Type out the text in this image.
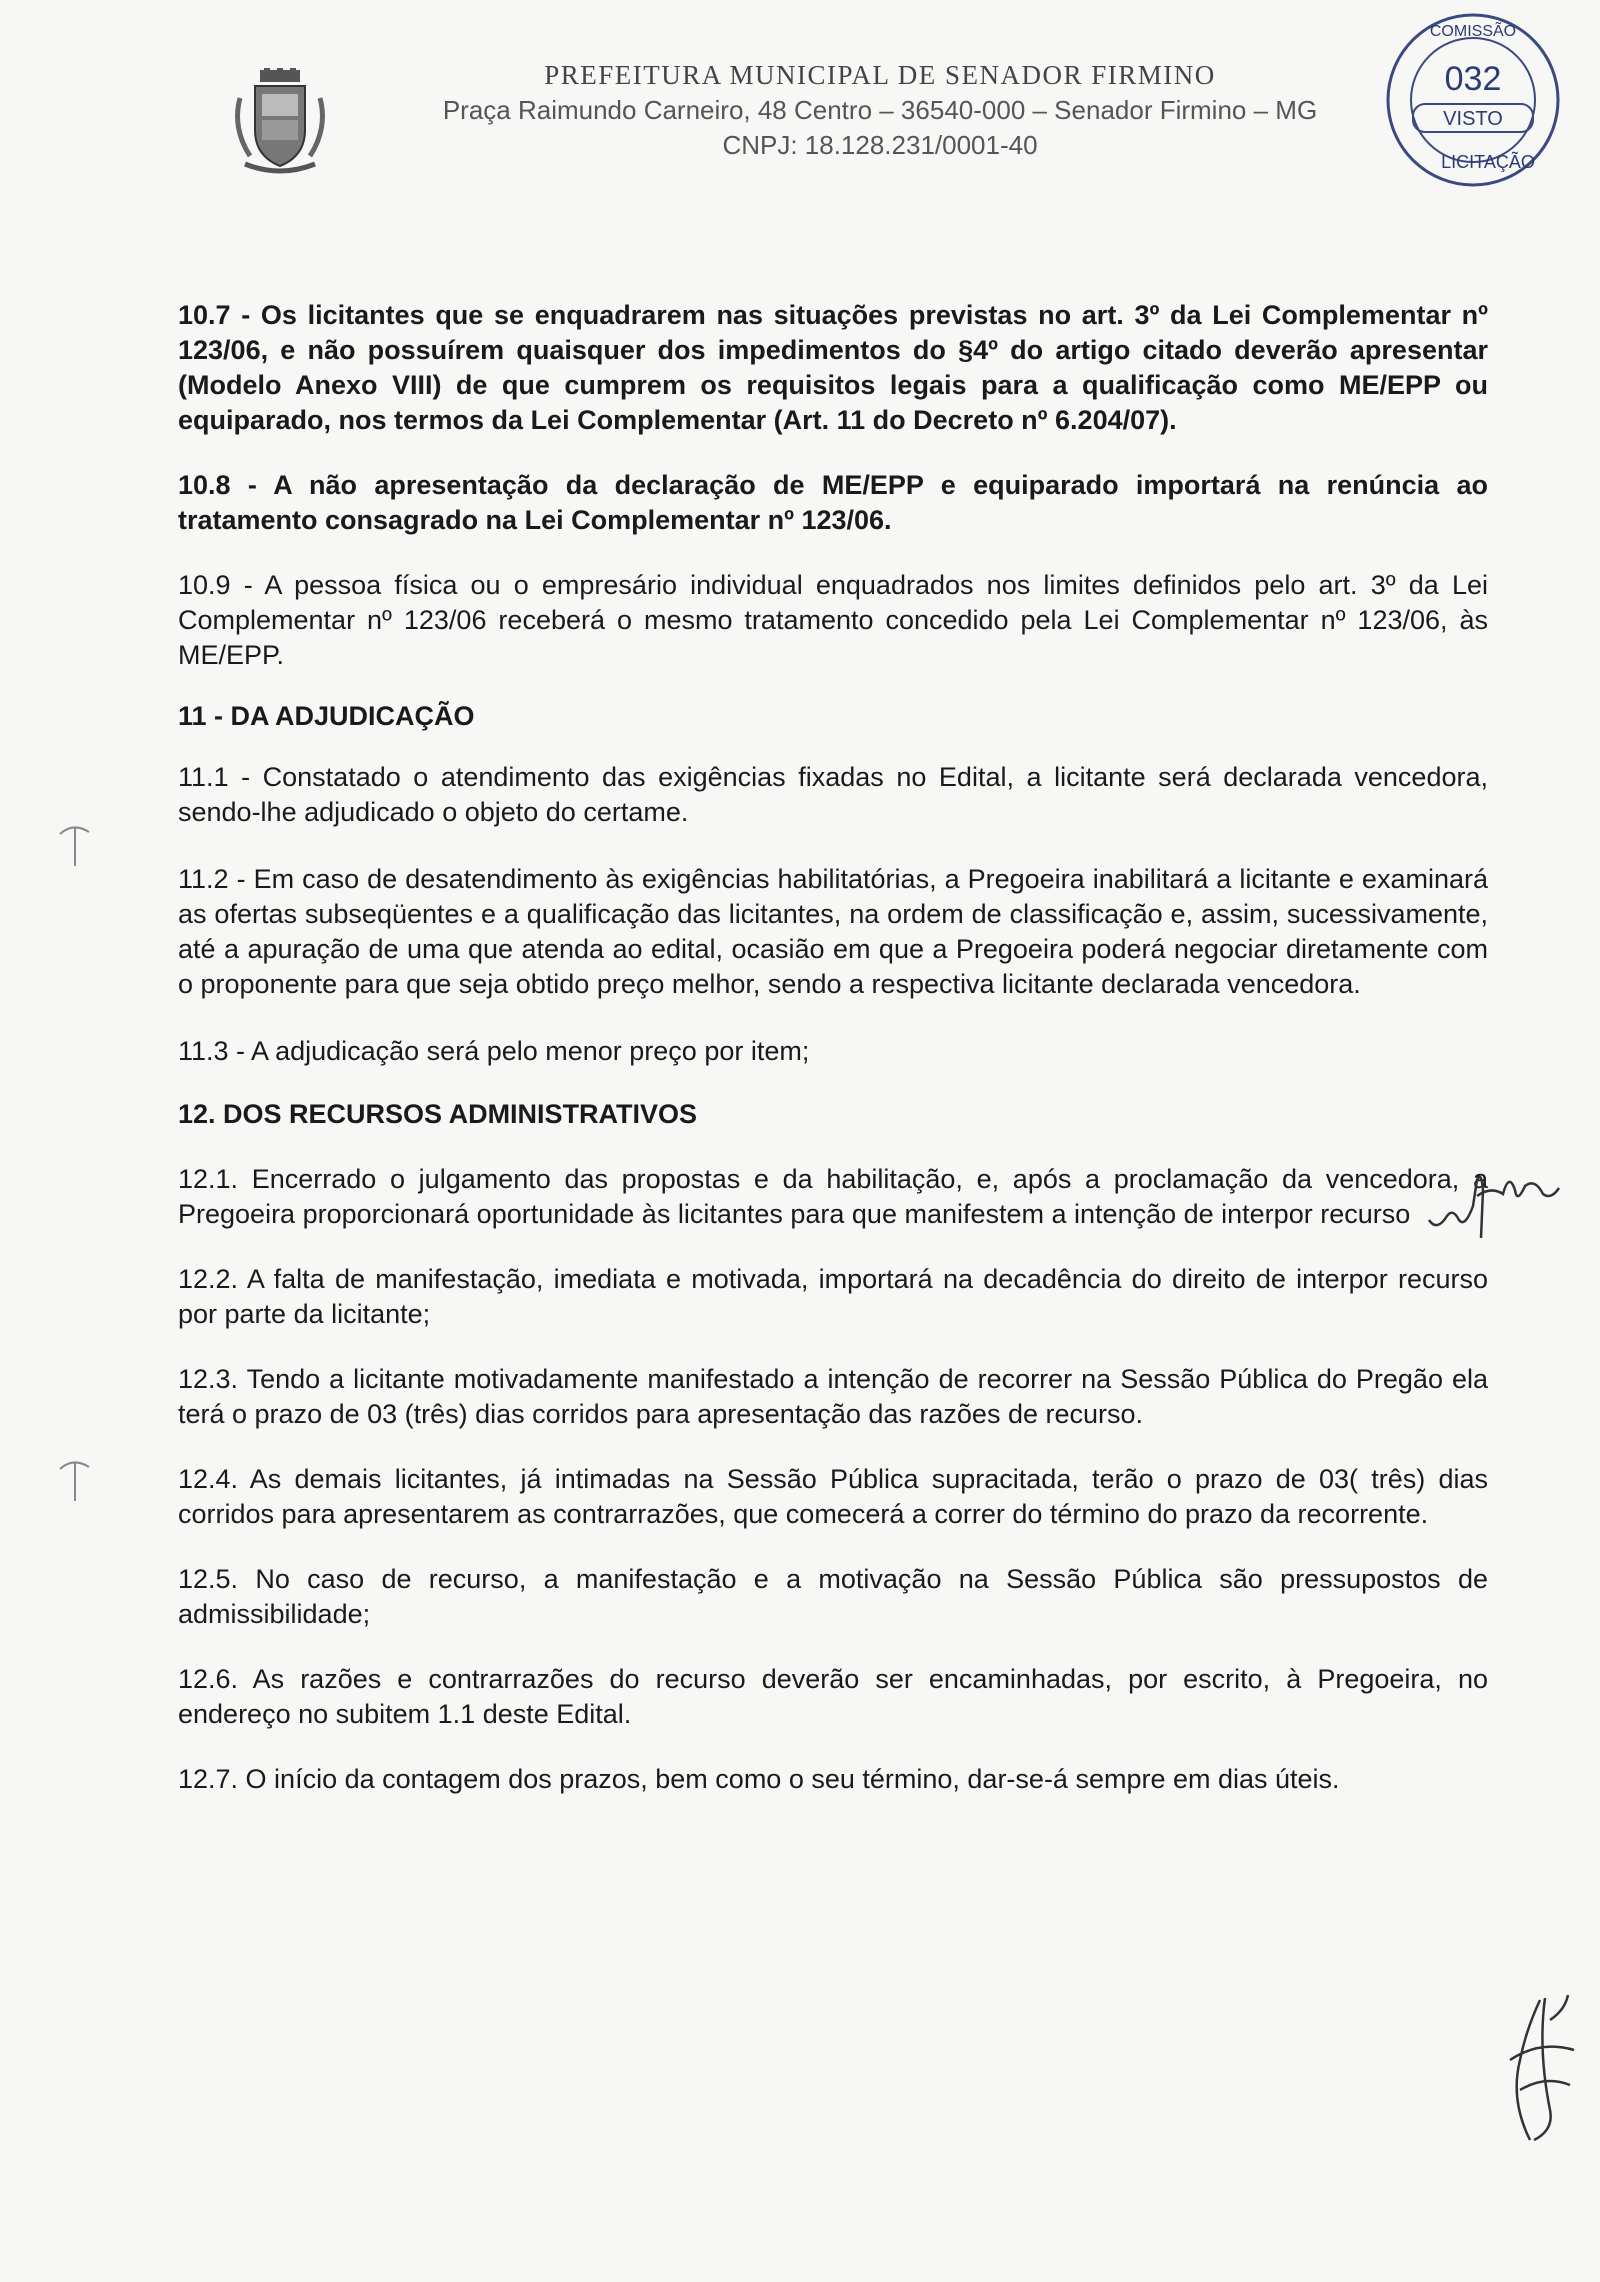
PREFEITURA MUNICIPAL DE SENADOR FIRMINO
Praça Raimundo Carneiro, 48 Centro – 36540-000 – Senador Firmino – MG
CNPJ: 18.128.231/0001-40
COMISSÃO
032
VISTO
LICITAÇÃO

10.7 - Os licitantes que se enquadrarem nas situações previstas no art. 3º da Lei Complementar nº 123/06, e não possuírem quaisquer dos impedimentos do §4º do artigo citado deverão apresentar (Modelo Anexo VIII) de que cumprem os requisitos legais para a qualificação como ME/EPP ou equiparado, nos termos da Lei Complementar (Art. 11 do Decreto nº 6.204/07).

10.8 - A não apresentação da declaração de ME/EPP e equiparado importará na renúncia ao tratamento consagrado na Lei Complementar nº 123/06.

10.9 - A pessoa física ou o empresário individual enquadrados nos limites definidos pelo art. 3º da Lei Complementar nº 123/06 receberá o mesmo tratamento concedido pela Lei Complementar nº 123/06, às ME/EPP.

11 - DA ADJUDICAÇÃO

11.1 - Constatado o atendimento das exigências fixadas no Edital, a licitante será declarada vencedora, sendo-lhe adjudicado o objeto do certame.

11.2 - Em caso de desatendimento às exigências habilitatórias, a Pregoeira inabilitará a licitante e examinará as ofertas subseqüentes e a qualificação das licitantes, na ordem de classificação e, assim, sucessivamente, até a apuração de uma que atenda ao edital, ocasião em que a Pregoeira poderá negociar diretamente com o proponente para que seja obtido preço melhor, sendo a respectiva licitante declarada vencedora.

11.3 - A adjudicação será pelo menor preço por item;

12. DOS RECURSOS ADMINISTRATIVOS

12.1. Encerrado o julgamento das propostas e da habilitação, e, após a proclamação da vencedora, a Pregoeira proporcionará oportunidade às licitantes para que manifestem a intenção de interpor recurso

12.2. A falta de manifestação, imediata e motivada, importará na decadência do direito de interpor recurso por parte da licitante;

12.3. Tendo a licitante motivadamente manifestado a intenção de recorrer na Sessão Pública do Pregão ela terá o prazo de 03 (três) dias corridos para apresentação das razões de recurso.

12.4. As demais licitantes, já intimadas na Sessão Pública supracitada, terão o prazo de 03( três) dias corridos para apresentarem as contrarrazões, que comecerá a correr do término do prazo da recorrente.

12.5. No caso de recurso, a manifestação e a motivação na Sessão Pública são pressupostos de admissibilidade;

12.6. As razões e contrarrazões do recurso deverão ser encaminhadas, por escrito, à Pregoeira, no endereço no subitem 1.1 deste Edital.

12.7. O início da contagem dos prazos, bem como o seu término, dar-se-á sempre em dias úteis.
